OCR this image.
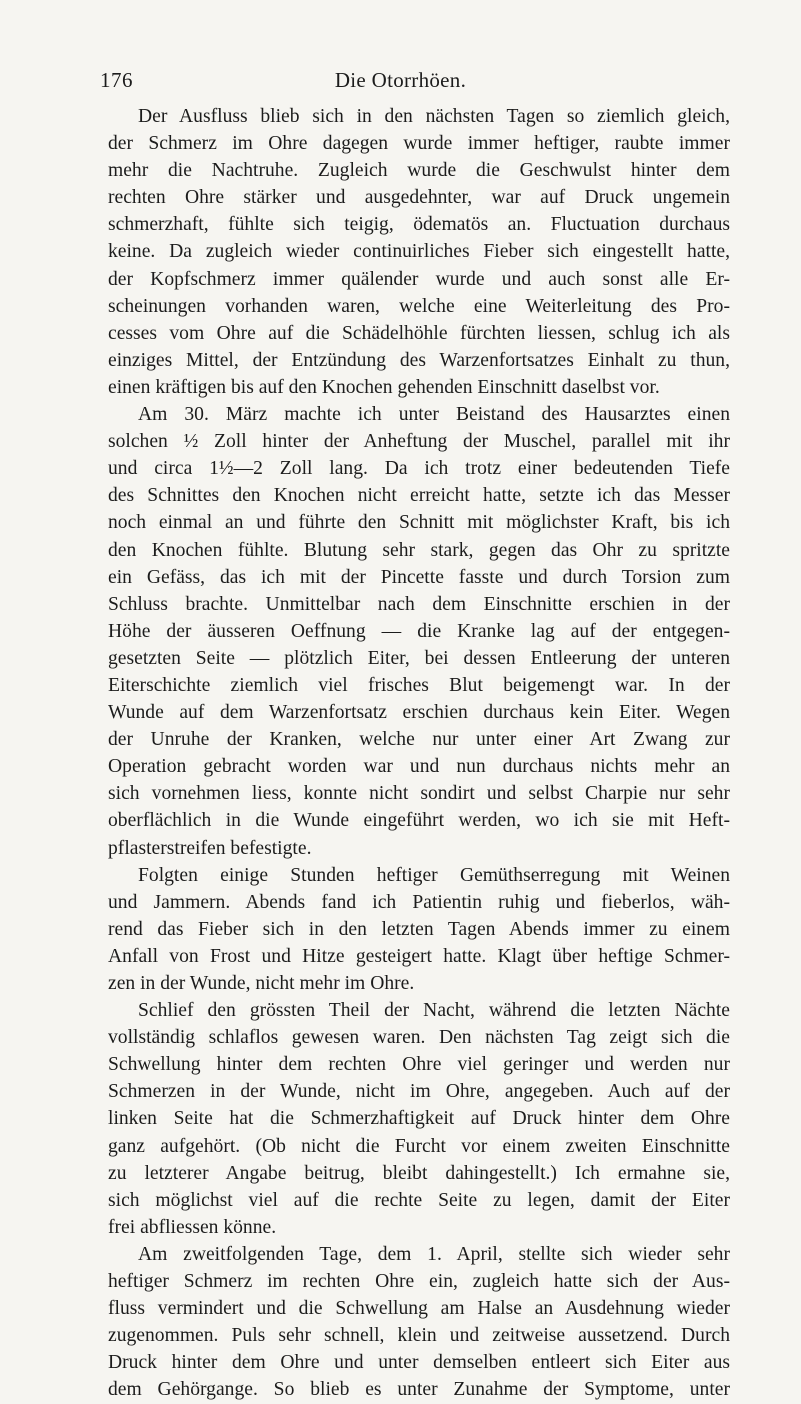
176	Die Otorrhöen.
Der Ausfluss blieb sich in den nächsten Tagen so ziemlich gleich,
der Schmerz im Ohre dagegen wurde immer heftiger, raubte immer
mehr die Nachtruhe. Zugleich wurde die Geschwulst hinter dem
rechten Ohre stärker und ausgedehnter, war auf Druck ungemein
schmerzhaft, fühlte sich teigig, ödematös an. Fluctuation durchaus
keine. Da zugleich wieder continuirliches Fieber sich eingestellt hatte,
der Kopfschmerz immer quälender wurde und auch sonst alle Er-
scheinungen vorhanden waren, welche eine Weiterleitung des Pro-
cesses vom Ohre auf die Schädelhöhle fürchten liessen, schlug ich als
einziges Mittel, der Entzündung des Warzenfortsatzes Einhalt zu thun,
einen kräftigen bis auf den Knochen gehenden Einschnitt daselbst vor.
Am 30. März machte ich unter Beistand des Hausarztes einen
solchen ½ Zoll hinter der Anheftung der Muschel, parallel mit ihr
und circa 1½—2 Zoll lang. Da ich trotz einer bedeutenden Tiefe
des Schnittes den Knochen nicht erreicht hatte, setzte ich das Messer
noch einmal an und führte den Schnitt mit möglichster Kraft, bis ich
den Knochen fühlte. Blutung sehr stark, gegen das Ohr zu spritzte
ein Gefäss, das ich mit der Pincette fasste und durch Torsion zum
Schluss brachte. Unmittelbar nach dem Einschnitte erschien in der
Höhe der äusseren Oeffnung — die Kranke lag auf der entgegen-
gesetzten Seite — plötzlich Eiter, bei dessen Entleerung der unteren
Eiterschichte ziemlich viel frisches Blut beigemengt war. In der
Wunde auf dem Warzenfortsatz erschien durchaus kein Eiter. Wegen
der Unruhe der Kranken, welche nur unter einer Art Zwang zur
Operation gebracht worden war und nun durchaus nichts mehr an
sich vornehmen liess, konnte nicht sondirt und selbst Charpie nur sehr
oberflächlich in die Wunde eingeführt werden, wo ich sie mit Heft-
pflasterstreifen befestigte.
Folgten einige Stunden heftiger Gemüthserregung mit Weinen
und Jammern. Abends fand ich Patientin ruhig und fieberlos, wäh-
rend das Fieber sich in den letzten Tagen Abends immer zu einem
Anfall von Frost und Hitze gesteigert hatte. Klagt über heftige Schmer-
zen in der Wunde, nicht mehr im Ohre.
Schlief den grössten Theil der Nacht, während die letzten Nächte
vollständig schlaflos gewesen waren. Den nächsten Tag zeigt sich die
Schwellung hinter dem rechten Ohre viel geringer und werden nur
Schmerzen in der Wunde, nicht im Ohre, angegeben. Auch auf der
linken Seite hat die Schmerzhaftigkeit auf Druck hinter dem Ohre
ganz aufgehört. (Ob nicht die Furcht vor einem zweiten Einschnitte
zu letzterer Angabe beitrug, bleibt dahingestellt.) Ich ermahne sie,
sich möglichst viel auf die rechte Seite zu legen, damit der Eiter
frei abfliessen könne.
Am zweitfolgenden Tage, dem 1. April, stellte sich wieder sehr
heftiger Schmerz im rechten Ohre ein, zugleich hatte sich der Aus-
fluss vermindert und die Schwellung am Halse an Ausdehnung wieder
zugenommen. Puls sehr schnell, klein und zeitweise aussetzend. Durch
Druck hinter dem Ohre und unter demselben entleert sich Eiter aus
dem Gehörgange. So blieb es unter Zunahme der Symptome, unter
